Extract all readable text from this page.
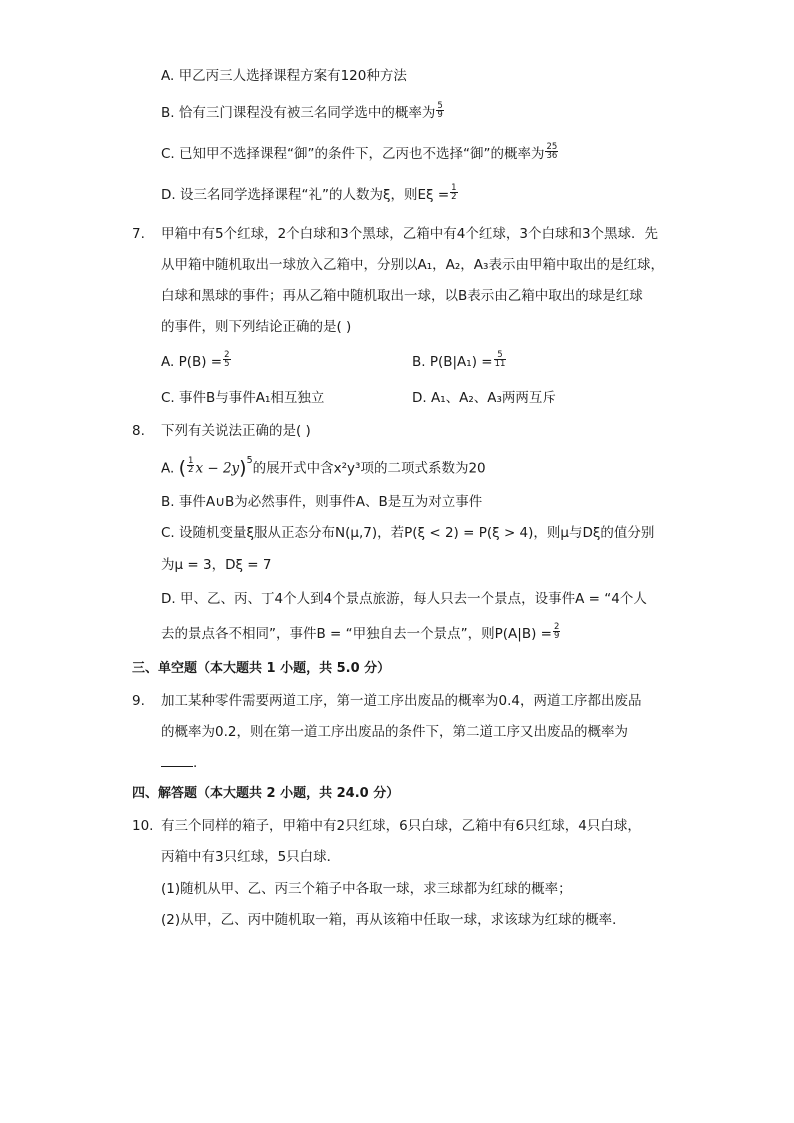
A. 甲乙丙三人选择课程方案有120种方法
B. 恰有三门课程没有被三名同学选中的概率为 $\frac{5}{9}$
C. 已知甲不选择课程“御”的条件下，乙丙也不选择“御”的概率为 $\frac{25}{36}$
D. 设三名同学选择课程“礼”的人数为ξ，则$E\xi = \frac{1}{2}$
7. 甲箱中有5个红球，2个白球和3个黑球，乙箱中有4个红球，3个白球和3个黑球．先
从甲箱中随机取出一球放入乙箱中，分别以A₁，A₂，A₃表示由甲箱中取出的是红球，
白球和黑球的事件；再从乙箱中随机取出一球，以B表示由乙箱中取出的球是红球
的事件，则下列结论正确的是( )
A. $P(B) = \frac{2}{5}$	B. $P(B|A_1) = \frac{5}{11}$
C. 事件B与事件A₁相互独立	D. A₁、A₂、A₃两两互斥
8. 下列有关说法正确的是( )
A. ( $\frac{1}{2}$ x − 2y)$^5$的展开式中含x²y³项的二项式系数为20
B. 事件A∪B为必然事件，则事件A、B是互为对立事件
C. 设随机变量ξ服从正态分布N(μ,7)，若P(ξ < 2) = P(ξ > 4)，则μ与Dξ的值分别
为μ = 3，Dξ = 7
D. 甲、乙、丙、丁4个人到4个景点旅游，每人只去一个景点，设事件A = “4个人
去的景点各不相同”，事件B = “甲独自去一个景点”，则$P(A|B) = \frac{2}{9}$
三、单空题（本大题共 1 小题，共 5.0 分）
9. 加工某种零件需要两道工序，第一道工序出废品的概率为0.4，两道工序都出废品
的概率为0.2，则在第一道工序出废品的条件下，第二道工序又出废品的概率为
.
四、解答题（本大题共 2 小题，共 24.0 分）
10. 有三个同样的箱子，甲箱中有2只红球，6只白球，乙箱中有6只红球，4只白球，
丙箱中有3只红球，5只白球．
(1)随机从甲、乙、丙三个箱子中各取一球，求三球都为红球的概率；
(2)从甲，乙、丙中随机取一箱，再从该箱中任取一球，求该球为红球的概率．
